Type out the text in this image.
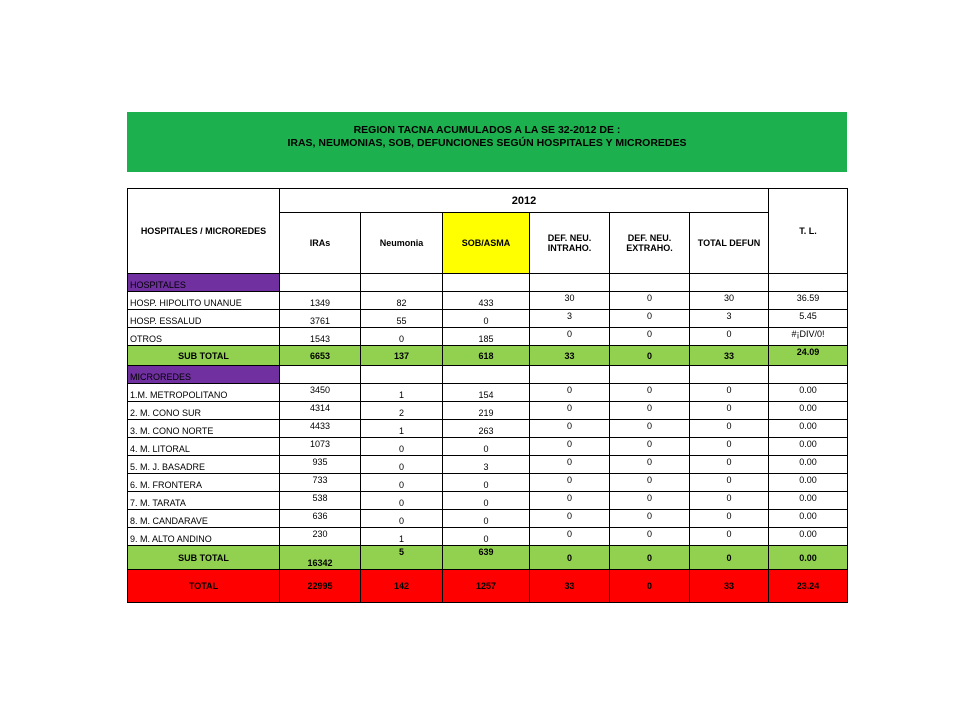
REGION TACNA ACUMULADOS A LA SE 32-2012 DE :
IRAS, NEUMONIAS, SOB, DEFUNCIONES SEGÚN HOSPITALES Y MICROREDES
HOSPITALES / MICROREDES	2012						T. L.
	IRAs	Neumonia	SOB/ASMA	DEF. NEU. INTRAHO.	DEF. NEU. EXTRAHO.	TOTAL DEFUN	
HOSPITALES							
HOSP. HIPOLITO UNANUE	1349	82	433	30	0	30	36.59
HOSP. ESSALUD	3761	55	0	3	0	3	5.45
OTROS	1543	0	185	0	0	0	#¡DIV/0!
SUB TOTAL	6653	137	618	33	0	33	24.09
MICROREDES							
1.M. METROPOLITANO	3450	1	154	0	0	0	0.00
2. M. CONO SUR	4314	2	219	0	0	0	0.00
3. M. CONO NORTE	4433	1	263	0	0	0	0.00
4. M. LITORAL	1073	0	0	0	0	0	0.00
5. M. J. BASADRE	935	0	3	0	0	0	0.00
6. M. FRONTERA	733	0	0	0	0	0	0.00
7. M. TARATA	538	0	0	0	0	0	0.00
8. M. CANDARAVE	636	0	0	0	0	0	0.00
9. M. ALTO ANDINO	230	1	0	0	0	0	0.00
SUB TOTAL	16342	5	639	0	0	0	0.00
TOTAL	22995	142	1257	33	0	33	23.24
